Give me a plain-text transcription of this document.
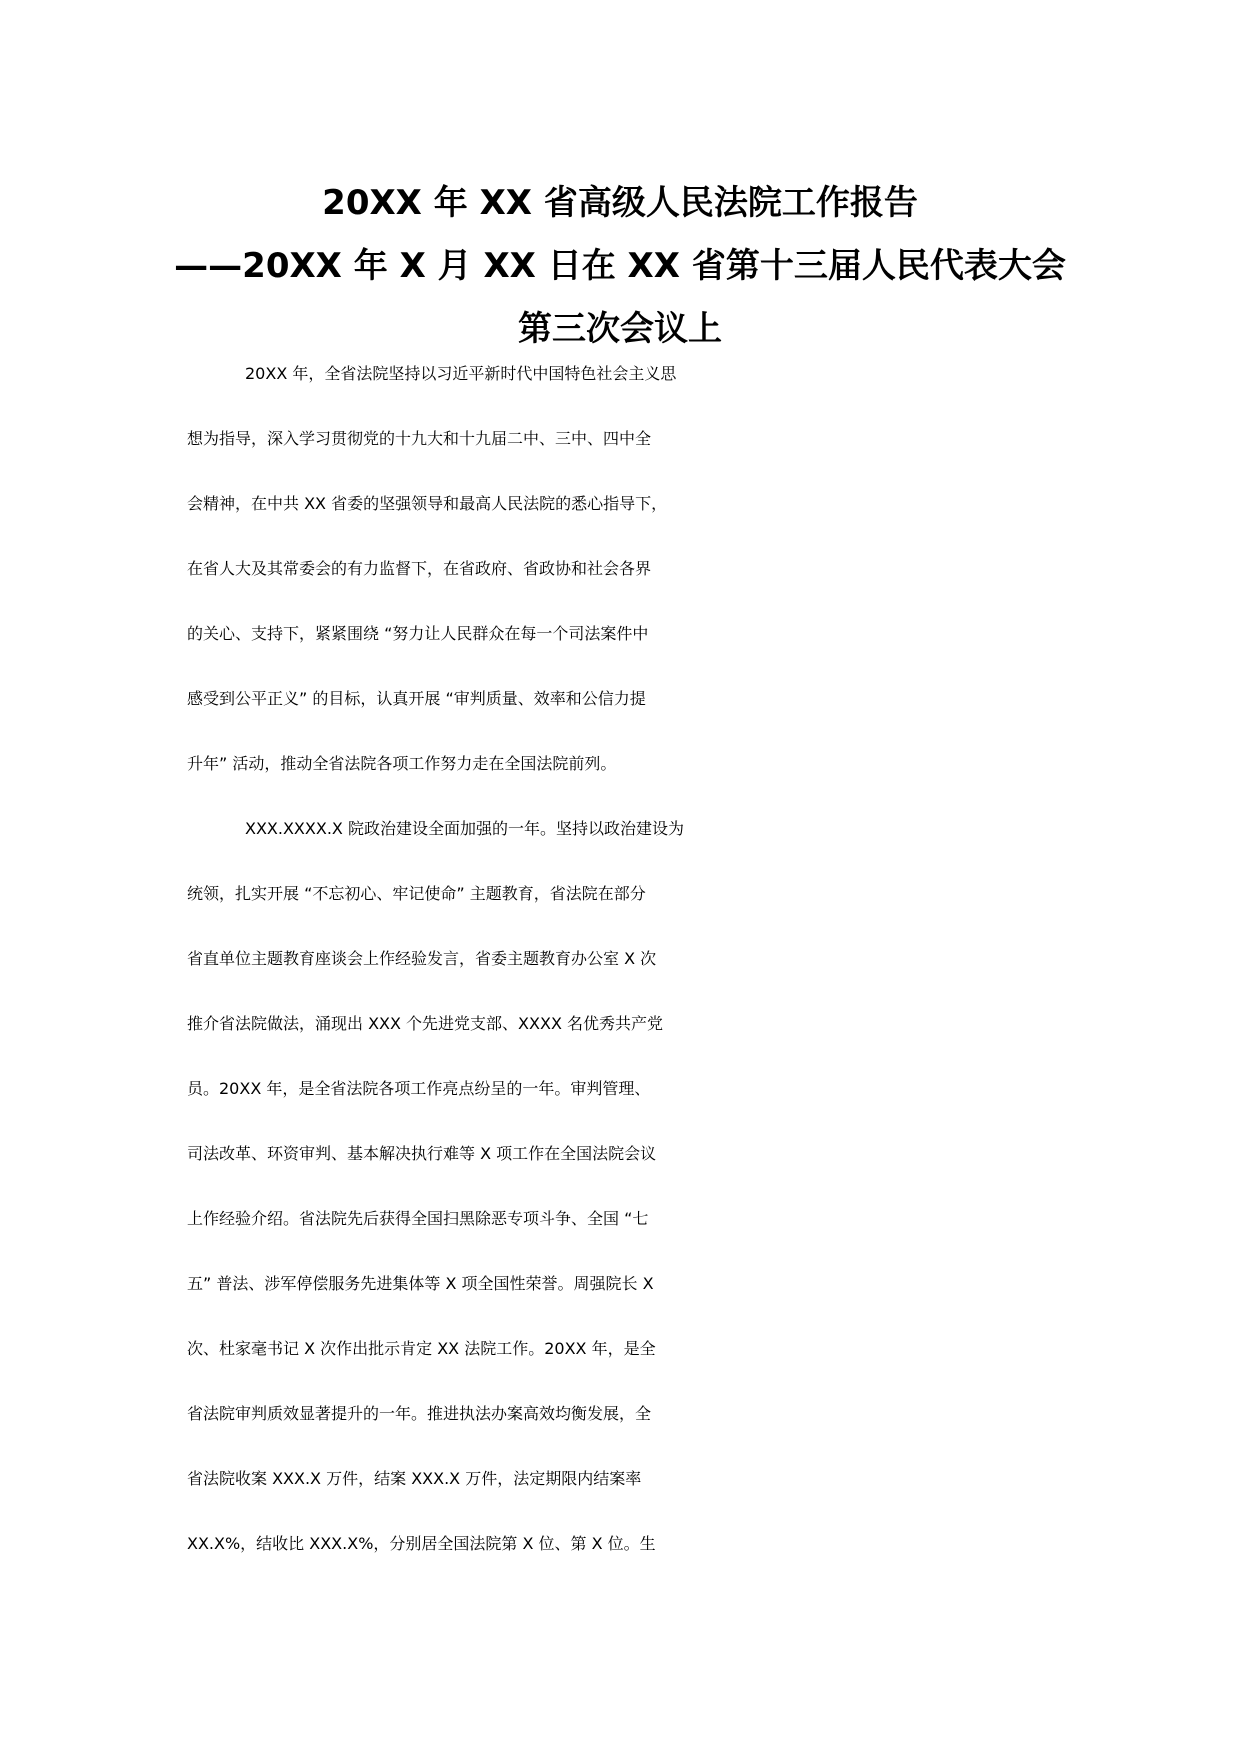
20XX 年 XX 省高级人民法院工作报告
——20XX 年 X 月 XX 日在 XX 省第十三届人民代表大会
第三次会议上
20XX 年，全省法院坚持以习近平新时代中国特色社会主义思
想为指导，深入学习贯彻党的十九大和十九届二中、三中、四中全
会精神，在中共 XX 省委的坚强领导和最高人民法院的悉心指导下，
在省人大及其常委会的有力监督下，在省政府、省政协和社会各界
的关心、支持下，紧紧围绕 “努力让人民群众在每一个司法案件中
感受到公平正义” 的目标，认真开展 “审判质量、效率和公信力提
升年” 活动，推动全省法院各项工作努力走在全国法院前列。
XXX.XXXX.X 院政治建设全面加强的一年。坚持以政治建设为
统领，扎实开展 “不忘初心、牢记使命” 主题教育，省法院在部分
省直单位主题教育座谈会上作经验发言，省委主题教育办公室 X 次
推介省法院做法，涌现出 XXX 个先进党支部、XXXX 名优秀共产党
员。20XX 年，是全省法院各项工作亮点纷呈的一年。审判管理、
司法改革、环资审判、基本解决执行难等 X 项工作在全国法院会议
上作经验介绍。省法院先后获得全国扫黑除恶专项斗争、全国 “七
五” 普法、涉军停偿服务先进集体等 X 项全国性荣誉。周强院长 X
次、杜家毫书记 X 次作出批示肯定 XX 法院工作。20XX 年，是全
省法院审判质效显著提升的一年。推进执法办案高效均衡发展，全
省法院收案 XXX.X 万件，结案 XXX.X 万件，法定期限内结案率
XX.X%，结收比 XXX.X%，分别居全国法院第 X 位、第 X 位。生
